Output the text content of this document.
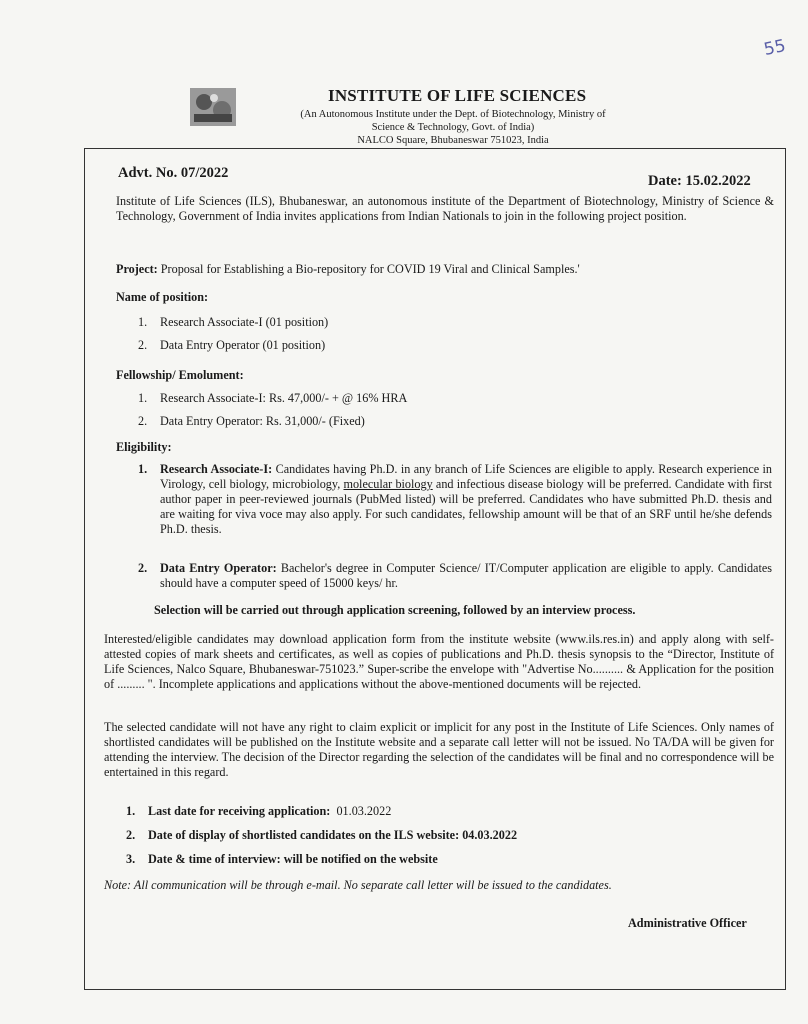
55
INSTITUTE OF LIFE SCIENCES
(An Autonomous Institute under the Dept. of Biotechnology, Ministry of
Science & Technology, Govt. of India)
NALCO Square, Bhubaneswar 751023, India
Advt. No. 07/2022	Date: 15.02.2022
Institute of Life Sciences (ILS), Bhubaneswar, an autonomous institute of the Department of Biotechnology, Ministry of Science & Technology, Government of India invites applications from Indian Nationals to join in the following project position.
Project: Proposal for Establishing a Bio-repository for COVID 19 Viral and Clinical Samples.'
Name of position:
1. Research Associate-I (01 position)
2. Data Entry Operator (01 position)
Fellowship/ Emolument:
1. Research Associate-I: Rs. 47,000/- + @ 16% HRA
2. Data Entry Operator: Rs. 31,000/- (Fixed)
Eligibility:
1. Research Associate-I: Candidates having Ph.D. in any branch of Life Sciences are eligible to apply. Research experience in Virology, cell biology, microbiology, molecular biology and infectious disease biology will be preferred. Candidate with first author paper in peer-reviewed journals (PubMed listed) will be preferred. Candidates who have submitted Ph.D. thesis and are waiting for viva voce may also apply. For such candidates, fellowship amount will be that of an SRF until he/she defends Ph.D. thesis.
2. Data Entry Operator: Bachelor's degree in Computer Science/ IT/Computer application are eligible to apply. Candidates should have a computer speed of 15000 keys/ hr.
Selection will be carried out through application screening, followed by an interview process.
Interested/eligible candidates may download application form from the institute website (www.ils.res.in) and apply along with self-attested copies of mark sheets and certificates, as well as copies of publications and Ph.D. thesis synopsis to the “Director, Institute of Life Sciences, Nalco Square, Bhubaneswar-751023.” Super-scribe the envelope with "Advertise No.......... & Application for the position of ......... ". Incomplete applications and applications without the above-mentioned documents will be rejected.
The selected candidate will not have any right to claim explicit or implicit for any post in the Institute of Life Sciences. Only names of shortlisted candidates will be published on the Institute website and a separate call letter will not be issued. No TA/DA will be given for attending the interview. The decision of the Director regarding the selection of the candidates will be final and no correspondence will be entertained in this regard.
1. Last date for receiving application: 01.03.2022
2. Date of display of shortlisted candidates on the ILS website: 04.03.2022
3. Date & time of interview: will be notified on the website
Note: All communication will be through e-mail. No separate call letter will be issued to the candidates.
Administrative Officer
